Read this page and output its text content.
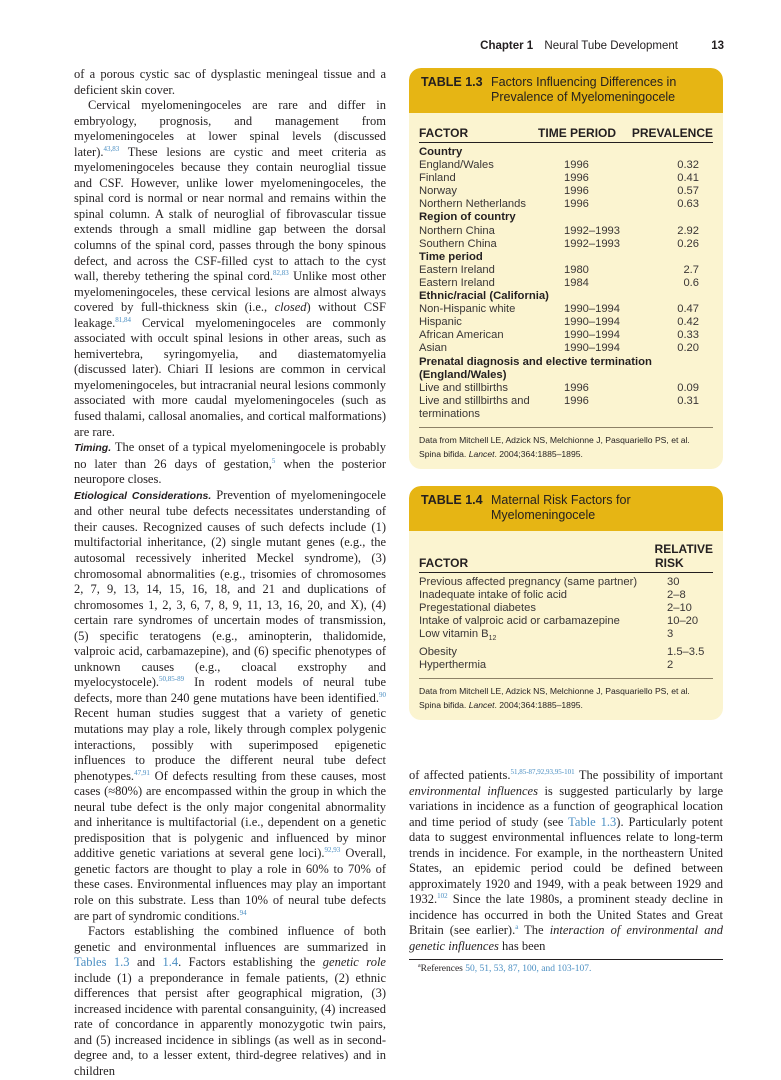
Chapter 1 Neural Tube Development	13

of a porous cystic sac of dysplastic meningeal tissue and a deficient skin cover.

Cervical myelomeningoceles are rare and differ in embryology, prognosis, and management from myelomeningoceles at lower spinal levels (discussed later).$^{43,83}$ These lesions are cystic and meet criteria as myelomeningoceles because they contain neuroglial tissue and CSF. However, unlike lower myelomeningoceles, the spinal cord is normal or near normal and remains within the spinal column. A stalk of neuroglial of fibrovascular tissue extends through a small midline gap between the dorsal columns of the spinal cord, passes through the bony spinous defect, and across the CSF-filled cyst to attach to the cyst wall, thereby tethering the spinal cord.$^{82,83}$ Unlike most other myelomeningoceles, these cervical lesions are almost always covered by full-thickness skin (i.e., closed) without CSF leakage.$^{81,84}$ Cervical myelomeningoceles are commonly associated with occult spinal lesions in other areas, such as hemivertebra, syringomyelia, and diastematomyelia (discussed later). Chiari II lesions are common in cervical myelomeningoceles, but intracranial neural lesions commonly associated with more caudal myelomeningoceles (such as fused thalami, callosal anomalies, and cortical malformations) are rare.

Timing. The onset of a typical myelomeningocele is probably no later than 26 days of gestation,$^5$ when the posterior neuropore closes.

Etiological Considerations. Prevention of myelomeningocele and other neural tube defects necessitates understanding of their causes. Recognized causes of such defects include (1) multifactorial inheritance, (2) single mutant genes (e.g., the autosomal recessively inherited Meckel syndrome), (3) chromosomal abnormalities (e.g., trisomies of chromosomes 2, 7, 9, 13, 14, 15, 16, 18, and 21 and duplications of chromosomes 1, 2, 3, 6, 7, 8, 9, 11, 13, 16, 20, and X), (4) certain rare syndromes of uncertain modes of transmission, (5) specific teratogens (e.g., aminopterin, thalidomide, valproic acid, carbamazepine), and (6) specific phenotypes of unknown causes (e.g., cloacal exstrophy and myelocystocele).$^{50,85-89}$ In rodent models of neural tube defects, more than 240 gene mutations have been identified.$^{90}$ Recent human studies suggest that a variety of genetic mutations may play a role, likely through complex polygenic interactions, possibly with superimposed epigenetic influences to produce the different neural tube defect phenotypes.$^{47,91}$ Of defects resulting from these causes, most cases (≈80%) are encompassed within the group in which the neural tube defect is the only major congenital abnormality and inheritance is multifactorial (i.e., dependent on a genetic predisposition that is polygenic and influenced by minor additive genetic variations at several gene loci).$^{92,93}$ Overall, genetic factors are thought to play a role in 60% to 70% of these cases. Environmental influences may play an important role on this substrate. Less than 10% of neural tube defects are part of syndromic conditions.$^{94}$

Factors establishing the combined influence of both genetic and environmental influences are summarized in Tables 1.3 and 1.4. Factors establishing the genetic role include (1) a preponderance in female patients, (2) ethnic differences that persist after geographical migration, (3) increased incidence with parental consanguinity, (4) increased rate of concordance in apparently monozygotic twin pairs, and (5) increased incidence in siblings (as well as in second-degree and, to a lesser extent, third-degree relatives) and in children

TABLE 1.3 Factors Influencing Differences in Prevalence of Myelomeningocele
FACTOR	TIME PERIOD	PREVALENCE
Country
England/Wales	1996	0.32
Finland	1996	0.41
Norway	1996	0.57
Northern Netherlands	1996	0.63
Region of country
Northern China	1992–1993	2.92
Southern China	1992–1993	0.26
Time period
Eastern Ireland	1980	2.7
Eastern Ireland	1984	0.6
Ethnic/racial (California)
Non-Hispanic white	1990–1994	0.47
Hispanic	1990–1994	0.42
African American	1990–1994	0.33
Asian	1990–1994	0.20
Prenatal diagnosis and elective termination (England/Wales)
Live and stillbirths	1996	0.09
Live and stillbirths and terminations
1996	0.31
Data from Mitchell LE, Adzick NS, Melchionne J, Pasquariello PS, et al. Spina bifida. Lancet. 2004;364:1885–1895.
TABLE 1.4 Maternal Risk Factors for Myelomeningocele
FACTOR
RELATIVE

RISK
Previous affected pregnancy (same partner)	30
Inadequate intake of folic acid	2–8
Pregestational diabetes	2–10
Intake of valproic acid or carbamazepine	10–20
Low vitamin $B_{12}$	3
Obesity	1.5–3.5
Hyperthermia	2
Data from Mitchell LE, Adzick NS, Melchionne J, Pasquariello PS, et al. Spina bifida. Lancet. 2004;364:1885–1895.

of affected patients.$^{51,85-87,92,93,95-101}$ The possibility of important environmental influences is suggested particularly by large variations in incidence as a function of geographical location and time period of study (see Table 1.3). Particularly potent data to suggest environmental influences relate to long-term trends in incidence. For example, in the northeastern United States, an epidemic period could be defined between approximately 1920 and 1949, with a peak between 1929 and 1932.$^{102}$ Since the late 1980s, a prominent steady decline in incidence has occurred in both the United States and Great Britain (see earlier).$^a$ The interaction of environmental and genetic influences has been

$^a$References 50, 51, 53, 87, 100, and 103-107.
